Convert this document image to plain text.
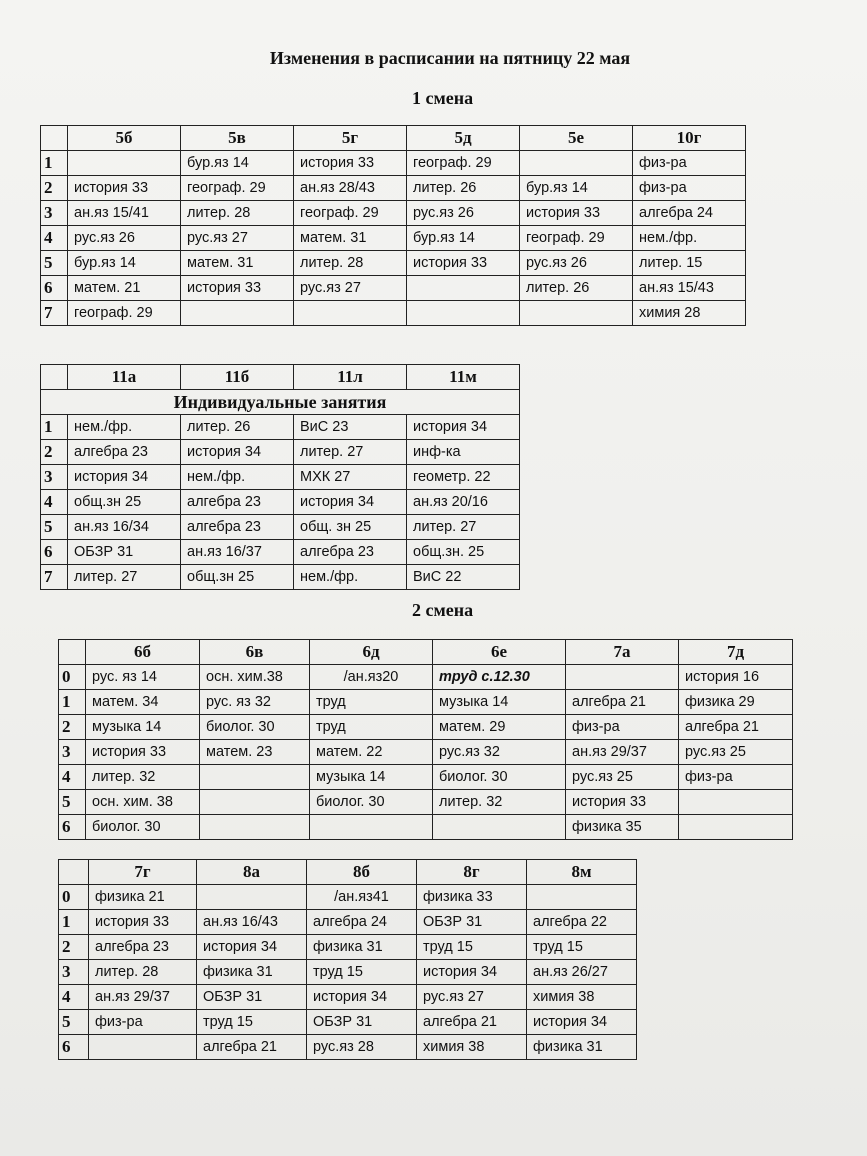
Изменения в расписании на пятницу 22 мая

1 смена

	5б	5в	5г	5д	5е	10г
1		бур.яз 14	история 33	географ. 29		физ-ра
2	история 33	географ. 29	ан.яз 28/43	литер. 26	бур.яз 14	физ-ра
3	ан.яз 15/41	литер. 28	географ. 29	рус.яз 26	история 33	алгебра 24
4	рус.яз 26	рус.яз 27	матем. 31	бур.яз 14	географ. 29	нем./фр.
5	бур.яз 14	матем. 31	литер. 28	история 33	рус.яз 26	литер. 15
6	матем. 21	история 33	рус.яз 27		литер. 26	ан.яз 15/43
7	географ. 29					химия 28
	11а	11б	11л	11м
Индивидуальные занятия				
1	нем./фр.	литер. 26	ВиС 23	история 34
2	алгебра 23	история 34	литер. 27	инф-ка
3	история 34	нем./фр.	МХК 27	геометр. 22
4	общ.зн 25	алгебра 23	история 34	ан.яз 20/16
5	ан.яз 16/34	алгебра 23	общ. зн 25	литер. 27
6	ОБЗР 31	ан.яз 16/37	алгебра 23	общ.зн. 25
7	литер. 27	общ.зн 25	нем./фр.	ВиС 22

2 смена

	6б	6в	6д	6е	7а	7д
0	рус. яз 14	осн. хим.38	/ан.яз20	труд с.12.30		история 16
1	матем. 34	рус. яз 32	труд	музыка 14	алгебра 21	физика 29
2	музыка 14	биолог. 30	труд	матем. 29	физ-ра	алгебра 21
3	история 33	матем. 23	матем. 22	рус.яз 32	ан.яз 29/37	рус.яз 25
4	литер. 32		музыка 14	биолог. 30	рус.яз 25	физ-ра
5	осн. хим. 38		биолог. 30	литер. 32	история 33	
6	биолог. 30				физика 35	
	7г	8а	8б	8г	8м
0	физика 21		/ан.яз41	физика 33	
1	история 33	ан.яз 16/43	алгебра 24	ОБЗР 31	алгебра 22
2	алгебра 23	история 34	физика 31	труд 15	труд 15
3	литер. 28	физика 31	труд 15	история 34	ан.яз 26/27
4	ан.яз 29/37	ОБЗР 31	история 34	рус.яз 27	химия 38
5	физ-ра	труд 15	ОБЗР 31	алгебра 21	история 34
6		алгебра 21	рус.яз 28	химия 38	физика 31
